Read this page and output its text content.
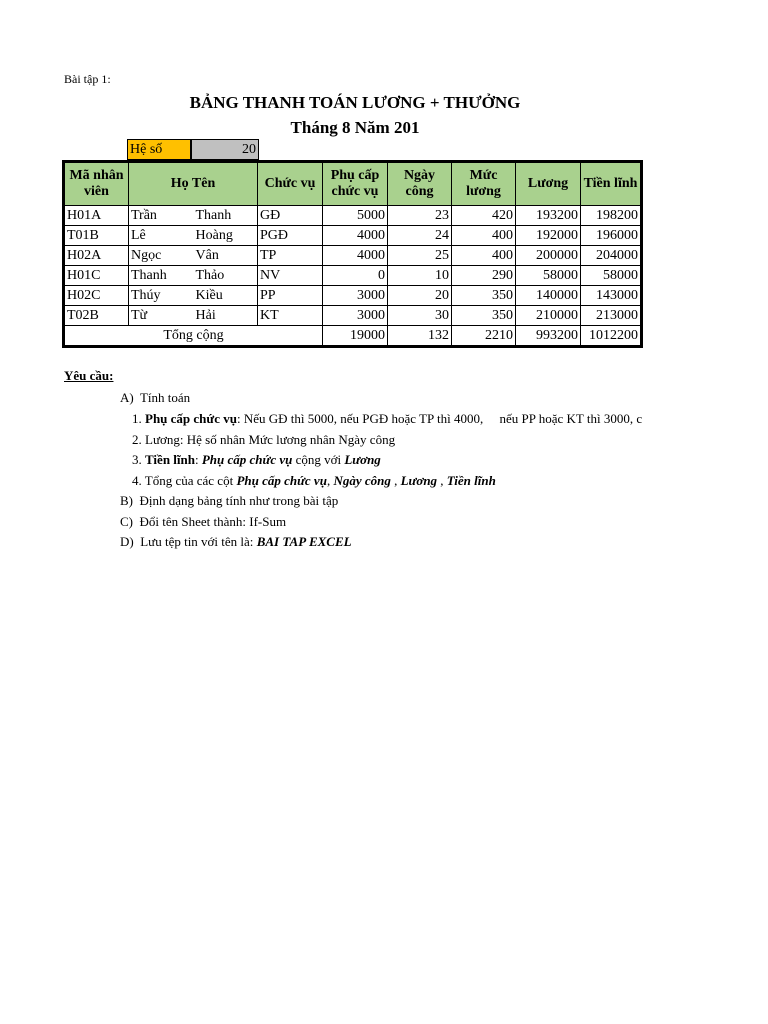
Bài tập 1:
BẢNG THANH TOÁN LƯƠNG + THƯỞNG
Tháng 8 Năm 201
Hệ số	20
Mã nhân viên	Họ Tên		Chức vụ	Phụ cấp chức vụ	Ngày công	Mức lương	Lương	Tiền lĩnh
H01A	Trần	Thanh	GĐ	5000	23	420	193200	198200
T01B	Lê	Hoàng	PGĐ	4000	24	400	192000	196000
H02A	Ngọc	Vân	TP	4000	25	400	200000	204000
H01C	Thanh	Thảo	NV	0	10	290	58000	58000
H02C	Thúy	Kiều	PP	3000	20	350	140000	143000
T02B	Từ	Hải	KT	3000	30	350	210000	213000
Tổng cộng				19000	132	2210	993200	1012200
Yêu cầu:
A) Tính toán
1. Phụ cấp chức vụ: Nếu GĐ thì 5000, nếu PGĐ hoặc TP thì 4000,     nếu PP hoặc KT thì 3000, c
2. Lương: Hệ số nhân Mức lương nhân Ngày công
3. Tiền lĩnh: Phụ cấp chức vụ cộng với Lương
4. Tổng của các cột Phụ cấp chức vụ, Ngày công , Lương , Tiền lĩnh
B) Định dạng bảng tính như trong bài tập
C) Đổi tên Sheet thành: If-Sum
D) Lưu tệp tin với tên là: BAI TAP EXCEL
